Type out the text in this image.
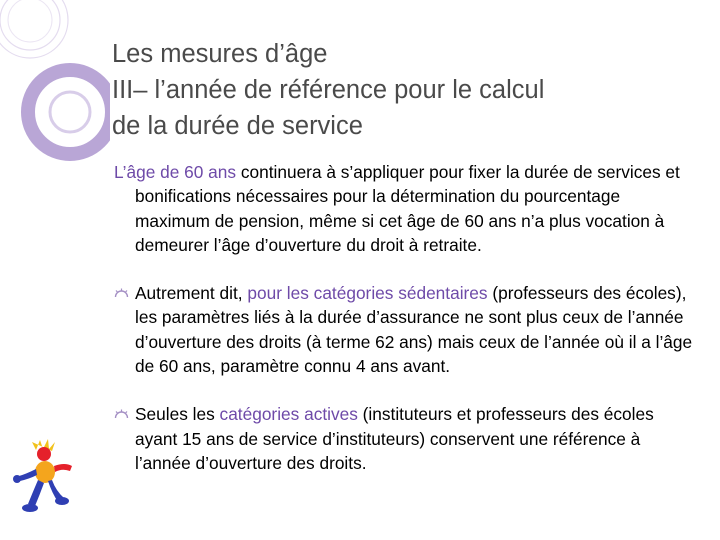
Les mesures d’âge
III– l’année de référence pour le calcul
de la durée de service
L’âge de 60 ans continuera à s’appliquer pour fixer la durée de services et bonifications nécessaires pour la détermination du pourcentage maximum de pension, même si cet âge de 60 ans n’a plus vocation à demeurer l’âge d’ouverture du droit à retraite.
Autrement dit, pour les catégories sédentaires (professeurs des écoles), les paramètres liés à la durée d’assurance ne sont plus ceux de l’année d’ouverture des droits (à terme 62 ans) mais ceux de l’année où il a l’âge de 60 ans, paramètre connu 4 ans avant.
Seules les catégories actives (instituteurs et professeurs des écoles ayant 15 ans de service d’instituteurs) conservent une référence à l’année d’ouverture des droits.
